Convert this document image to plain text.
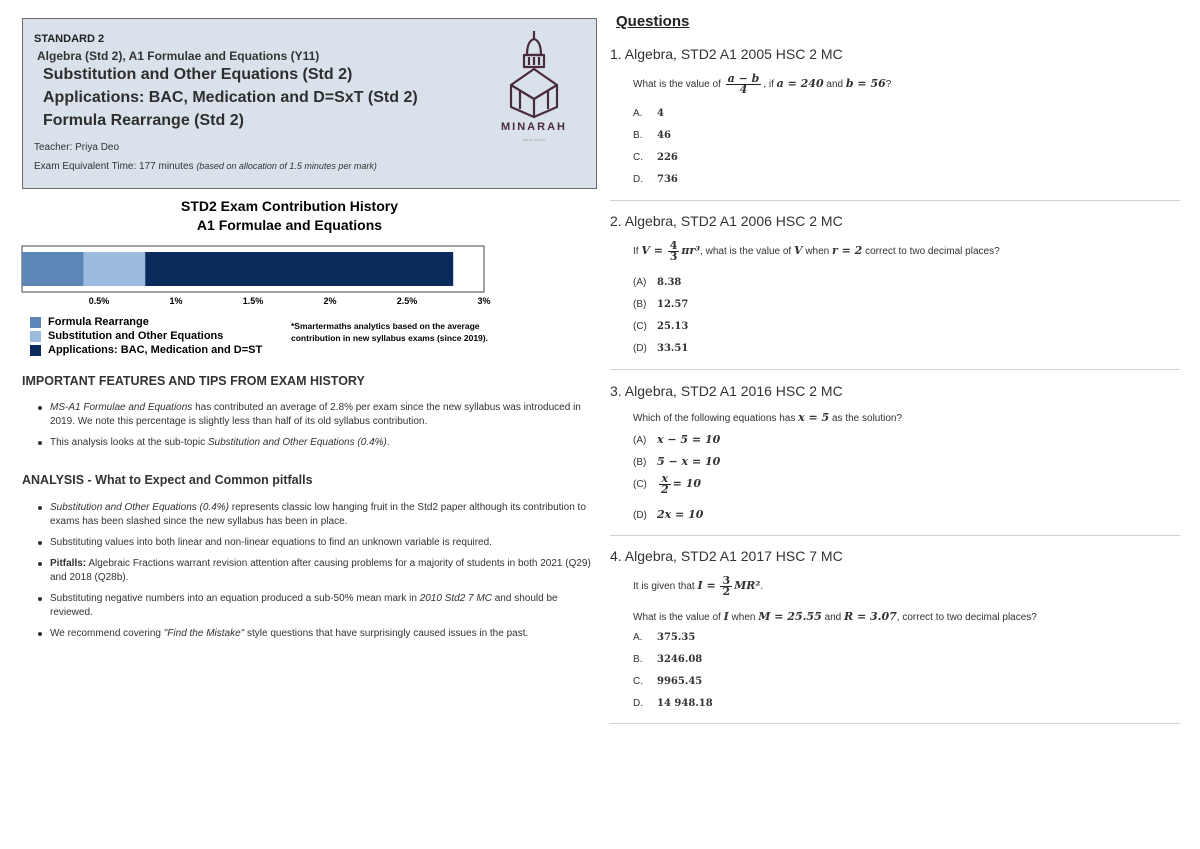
STANDARD 2
Algebra (Std 2), A1 Formulae and Equations (Y11)
Substitution and Other Equations (Std 2)
Applications: BAC, Medication and D=SxT (Std 2)
Formula Rearrange (Std 2)
Teacher: Priya Deo
Exam Equivalent Time: 177 minutes (based on allocation of 1.5 minutes per mark)
MINARAH
MATHS TUITION
STD2 Exam Contribution History
A1 Formulae and Equations
0.5%	1%	1.5%	2%	2.5%	3%
Formula Rearrange
Substitution and Other Equations
Applications: BAC, Medication and D=ST
*Smartermaths analytics based on the average contribution in new syllabus exams (since 2019).
IMPORTANT FEATURES AND TIPS FROM EXAM HISTORY
MS-A1 Formulae and Equations has contributed an average of 2.8% per exam since the new syllabus was introduced in 2019. We note this percentage is slightly less than half of its old syllabus contribution.
This analysis looks at the sub-topic Substitution and Other Equations (0.4%).
ANALYSIS - What to Expect and Common pitfalls
Substitution and Other Equations (0.4%) represents classic low hanging fruit in the Std2 paper although its contribution to exams has been slashed since the new syllabus has been in place.
Substituting values into both linear and non-linear equations to find an unknown variable is required.
Pitfalls: Algebraic Fractions warrant revision attention after causing problems for a majority of students in both 2021 (Q29) and 2018 (Q28b).
Substituting negative numbers into an equation produced a sub-50% mean mark in 2010 Std2 7 MC and should be reviewed.
We recommend covering "Find the Mistake" style questions that have surprisingly caused issues in the past.
Questions
1. Algebra, STD2 A1 2005 HSC 2 MC
What is the value of $\frac{a - b}{4}$ , if a = 240 and b = 56?
A. 4
B. 46
C. 226
D. 736
2. Algebra, STD2 A1 2006 HSC 2 MC
If $V = \frac{4}{3} \pi r^3$, what is the value of V when r = 2 correct to two decimal places?
(A) 8.38
(B) 12.57
(C) 25.13
(D) 33.51
3. Algebra, STD2 A1 2016 HSC 2 MC
Which of the following equations has x = 5 as the solution?
(A) x − 5 = 10
(B) 5 − x = 10
$(C) \frac{x}{2} = 10$
(D) 2x = 10
4. Algebra, STD2 A1 2017 HSC 7 MC
It is given that $I = \frac{3}{2} MR^2$.
What is the value of I when M = 25.55 and R = 3.07, correct to two decimal places?
A. 375.35
B. 3246.08
C. 9965.45
D. 14 948.18
